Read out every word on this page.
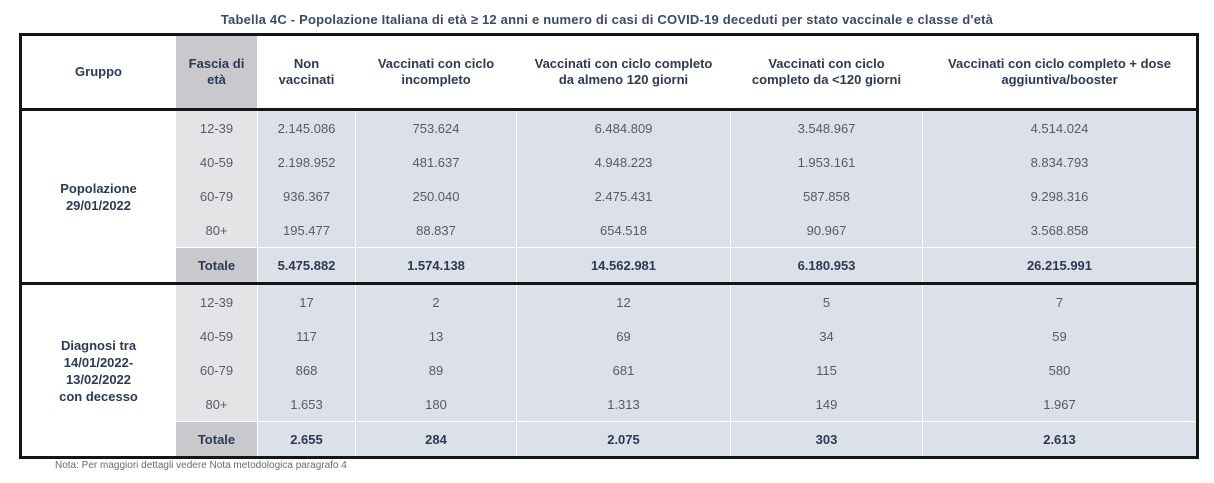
Tabella 4C - Popolazione Italiana di età ≥ 12 anni e numero di casi di COVID-19 deceduti per stato vaccinale e classe d'età
Gruppo	Fascia di età	Non vaccinati	Vaccinati con ciclo incompleto	Vaccinati con ciclo completo da almeno 120 giorni	Vaccinati con ciclo completo da <120 giorni	Vaccinati con ciclo completo + dose aggiuntiva/booster
Popolazione 29/01/2022	12-39	2.145.086	753.624	6.484.809	3.548.967	4.514.024
	40-59	2.198.952	481.637	4.948.223	1.953.161	8.834.793
	60-79	936.367	250.040	2.475.431	587.858	9.298.316
	80+	195.477	88.837	654.518	90.967	3.568.858
	Totale	5.475.882	1.574.138	14.562.981	6.180.953	26.215.991
Diagnosi tra 14/01/2022-13/02/2022 con decesso	12-39	17	2	12	5	7
	40-59	117	13	69	34	59
	60-79	868	89	681	115	580
	80+	1.653	180	1.313	149	1.967
	Totale	2.655	284	2.075	303	2.613
Nota: Per maggiori dettagli vedere Nota metodologica paragrafo 4
